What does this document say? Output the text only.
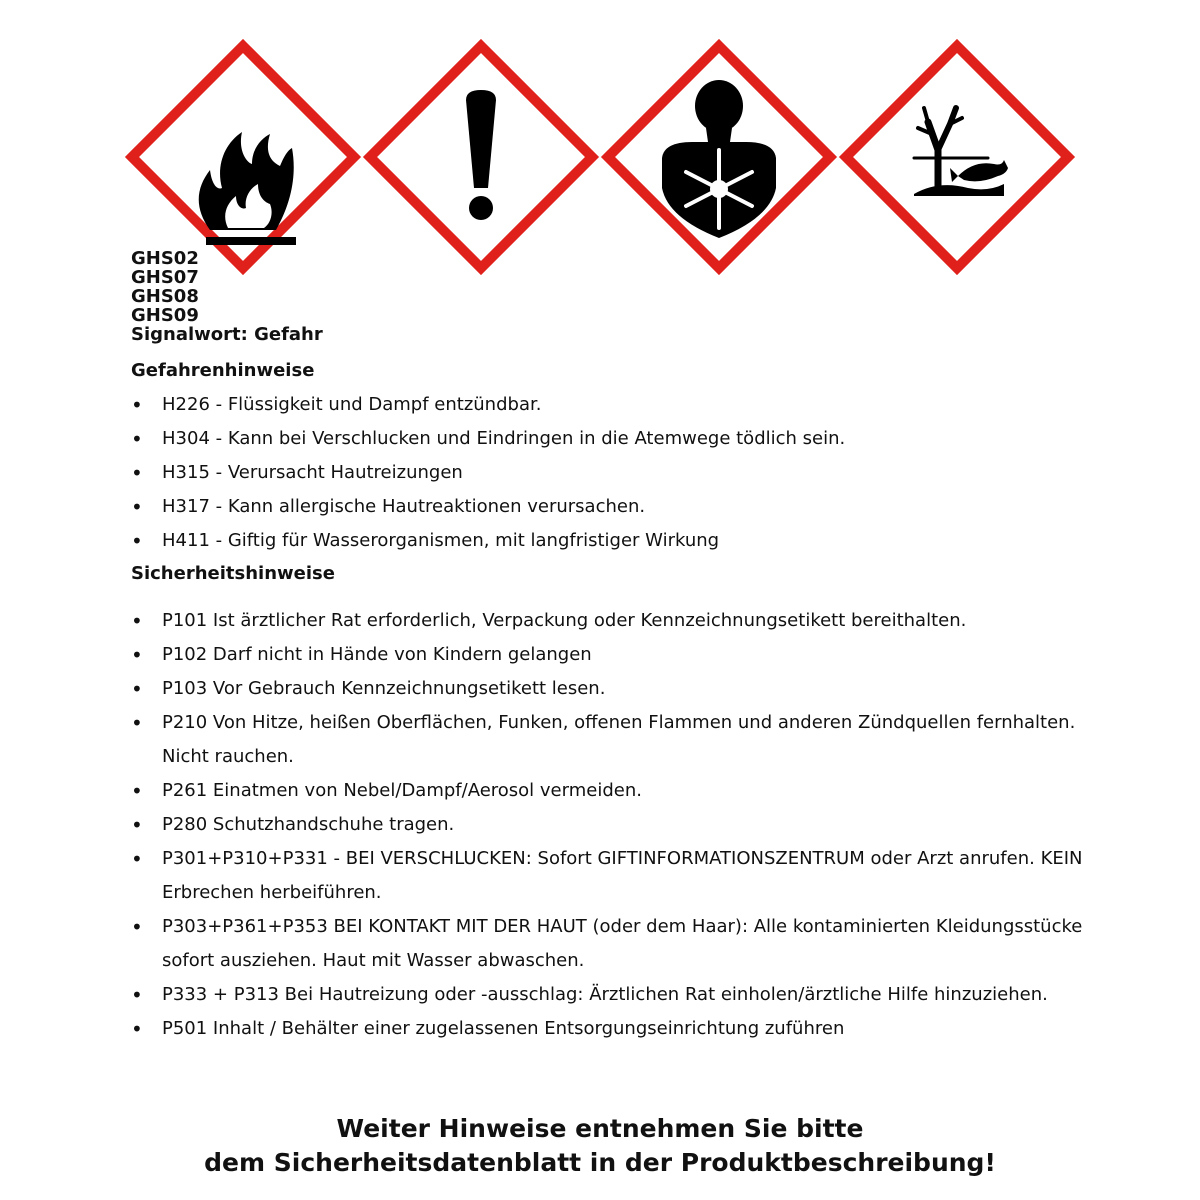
GHS02
GHS07
GHS08
GHS09
Signalwort: Gefahr
Gefahrenhinweise
• H226 - Flüssigkeit und Dampf entzündbar.
• H304 - Kann bei Verschlucken und Eindringen in die Atemwege tödlich sein.
• H315 - Verursacht Hautreizungen
• H317 - Kann allergische Hautreaktionen verursachen.
• H411 - Giftig für Wasserorganismen, mit langfristiger Wirkung
Sicherheitshinweise
• P101 Ist ärztlicher Rat erforderlich, Verpackung oder Kennzeichnungsetikett bereithalten.
• P102 Darf nicht in Hände von Kindern gelangen
• P103 Vor Gebrauch Kennzeichnungsetikett lesen.
• P210 Von Hitze, heißen Oberflächen, Funken, offenen Flammen und anderen Zündquellen fernhalten. Nicht rauchen.
• P261 Einatmen von Nebel/Dampf/Aerosol vermeiden.
• P280 Schutzhandschuhe tragen.
• P301+P310+P331 - BEI VERSCHLUCKEN: Sofort GIFTINFORMATIONSZENTRUM oder Arzt anrufen. KEIN Erbrechen herbeiführen.
• P303+P361+P353 BEI KONTAKT MIT DER HAUT (oder dem Haar): Alle kontaminierten Kleidungsstücke sofort ausziehen. Haut mit Wasser abwaschen.
• P333 + P313 Bei Hautreizung oder -ausschlag: Ärztlichen Rat einholen/ärztliche Hilfe hinzuziehen.
• P501 Inhalt / Behälter einer zugelassenen Entsorgungseinrichtung zuführen
Weiter Hinweise entnehmen Sie bitte
dem Sicherheitsdatenblatt in der Produktbeschreibung!
